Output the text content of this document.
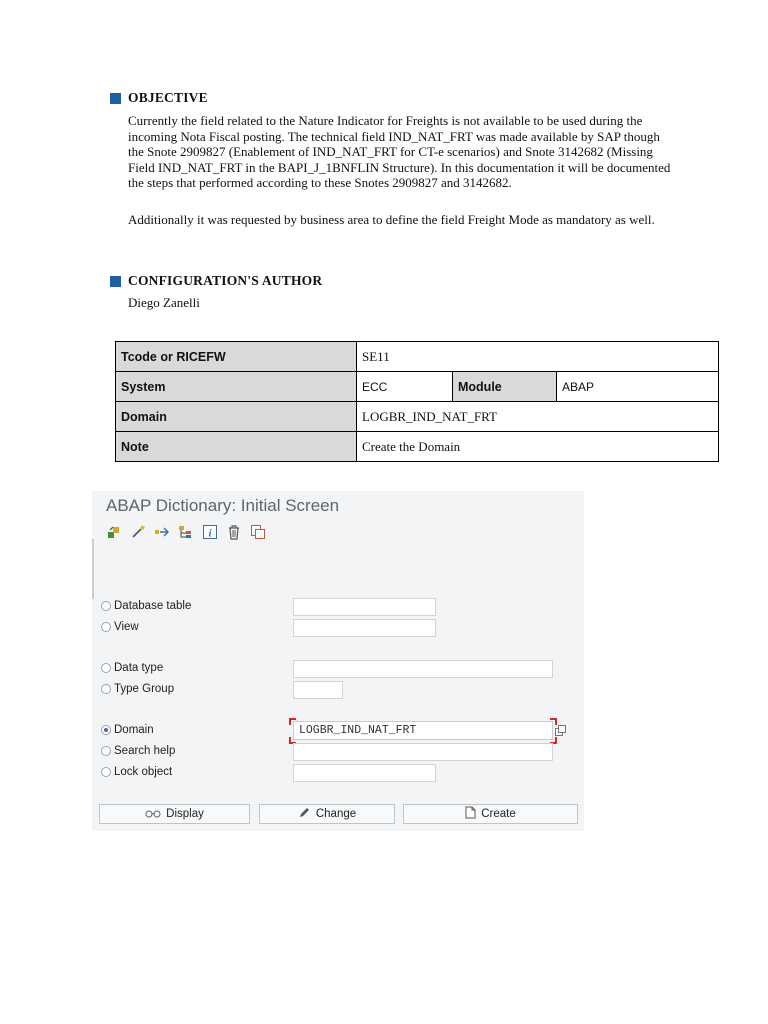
OBJECTIVE

Currently the field related to the Nature Indicator for Freights is not available to be used during the incoming Nota Fiscal posting. The technical field IND_NAT_FRT was made available by SAP though the Snote 2909827 (Enablement of IND_NAT_FRT for CT-e scenarios) and Snote 3142682 (Missing Field IND_NAT_FRT in the BAPI_J_1BNFLIN Structure). In this documentation it will be documented the steps that performed according to these Snotes 2909827 and 3142682.

Additionally it was requested by business area to define the field Freight Mode as mandatory as well.

CONFIGURATION'S AUTHOR
Diego Zanelli
Tcode or RICEFW	SE11		
System	ECC	Module	ABAP
Domain	LOGBR_IND_NAT_FRT		
Note	Create the Domain		
ABAP Dictionary: Initial Screen
i
Database table
View
Data type
Type Group
Domain	LOGBR_IND_NAT_FRT
Search help
Lock object
Display	Change	Create
